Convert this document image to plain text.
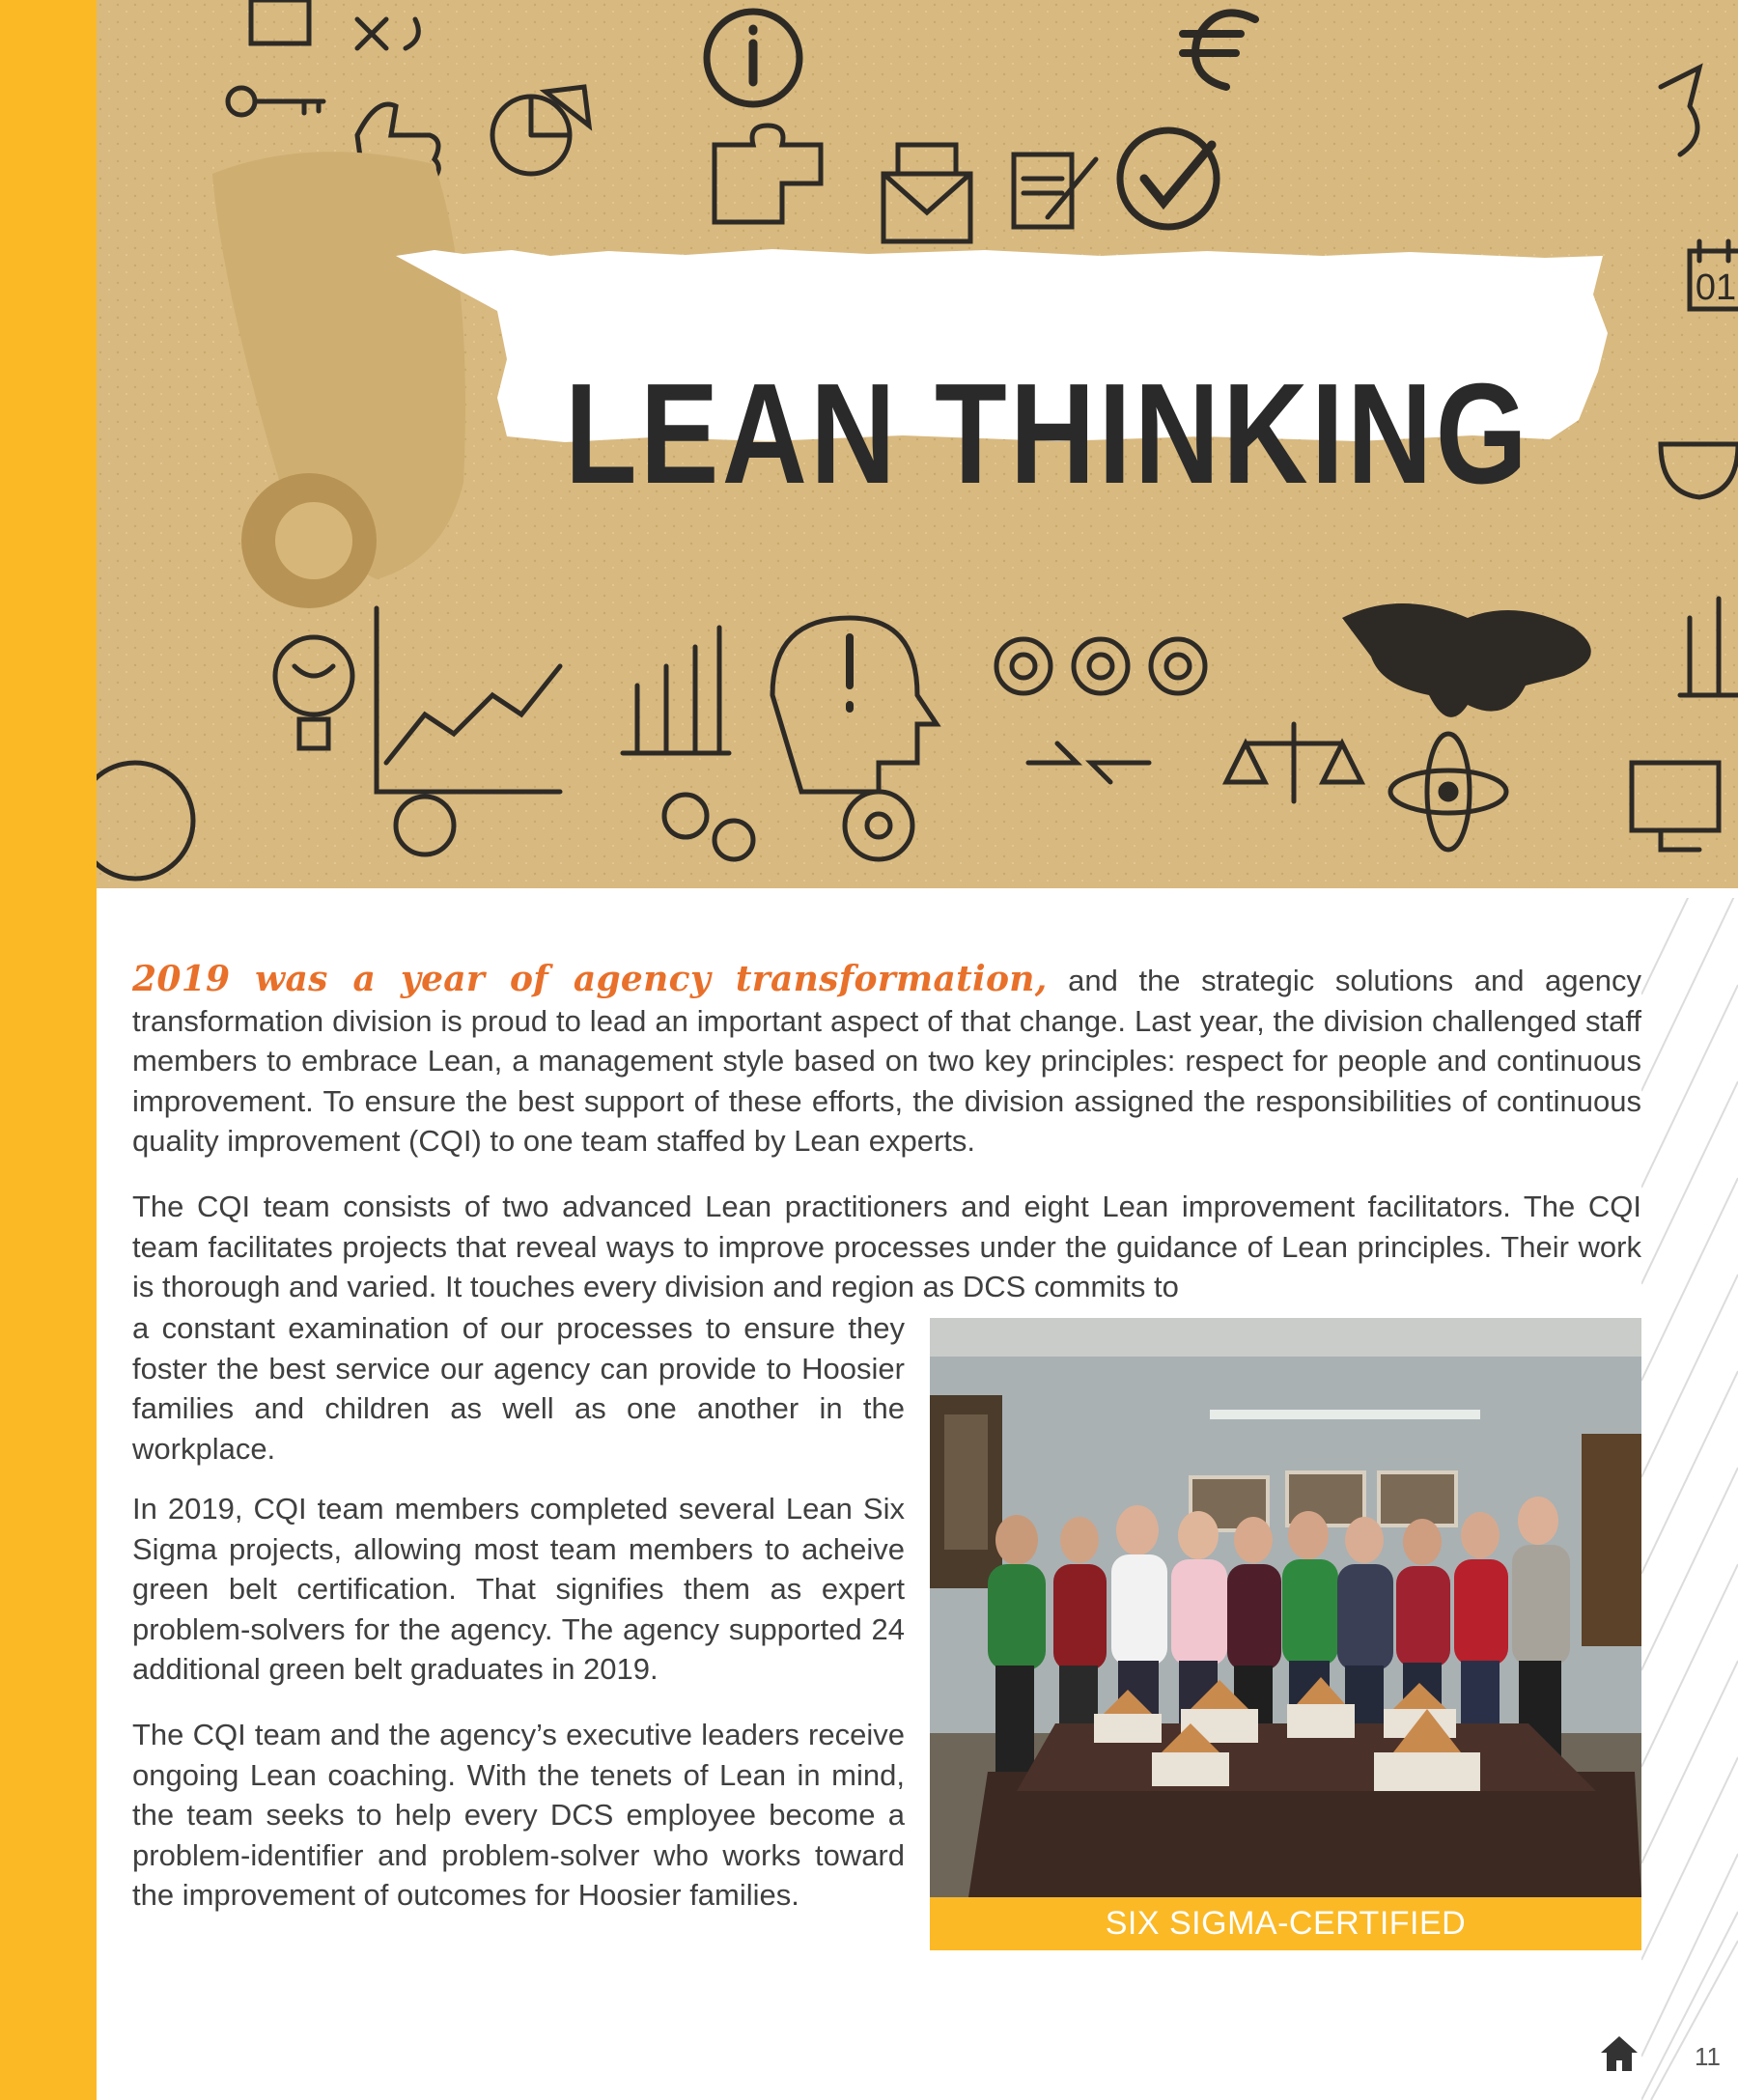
LEAN THINKING
01

2019 was a year of agency transformation, and the strategic solutions and agency transformation division is proud to lead an important aspect of that change. Last year, the division challenged staff members to embrace Lean, a management style based on two key principles: respect for people and continuous improvement. To ensure the best support of these efforts, the division assigned the responsibilities of continuous quality improvement (CQI) to one team staffed by Lean experts.

The CQI team consists of two advanced Lean practitioners and eight Lean improvement facilitators. The CQI team facilitates projects that reveal ways to improve processes under the guidance of Lean principles. Their work is thorough and varied. It touches every division and region as DCS commits to

a constant examination of our processes to ensure they foster the best service our agency can provide to Hoosier families and children as well as one another in the workplace.

In 2019, CQI team members completed several Lean Six Sigma projects, allowing most team members to acheive green belt certification. That signifies them as expert problem-solvers for the agency. The agency supported 24 additional green belt graduates in 2019.

The CQI team and the agency’s executive leaders receive ongoing Lean coaching. With the tenets of Lean in mind, the team seeks to help every DCS employee become a problem-identifier and problem-solver who works toward the improvement of outcomes for Hoosier families.

SIX SIGMA-CERTIFIED
11
